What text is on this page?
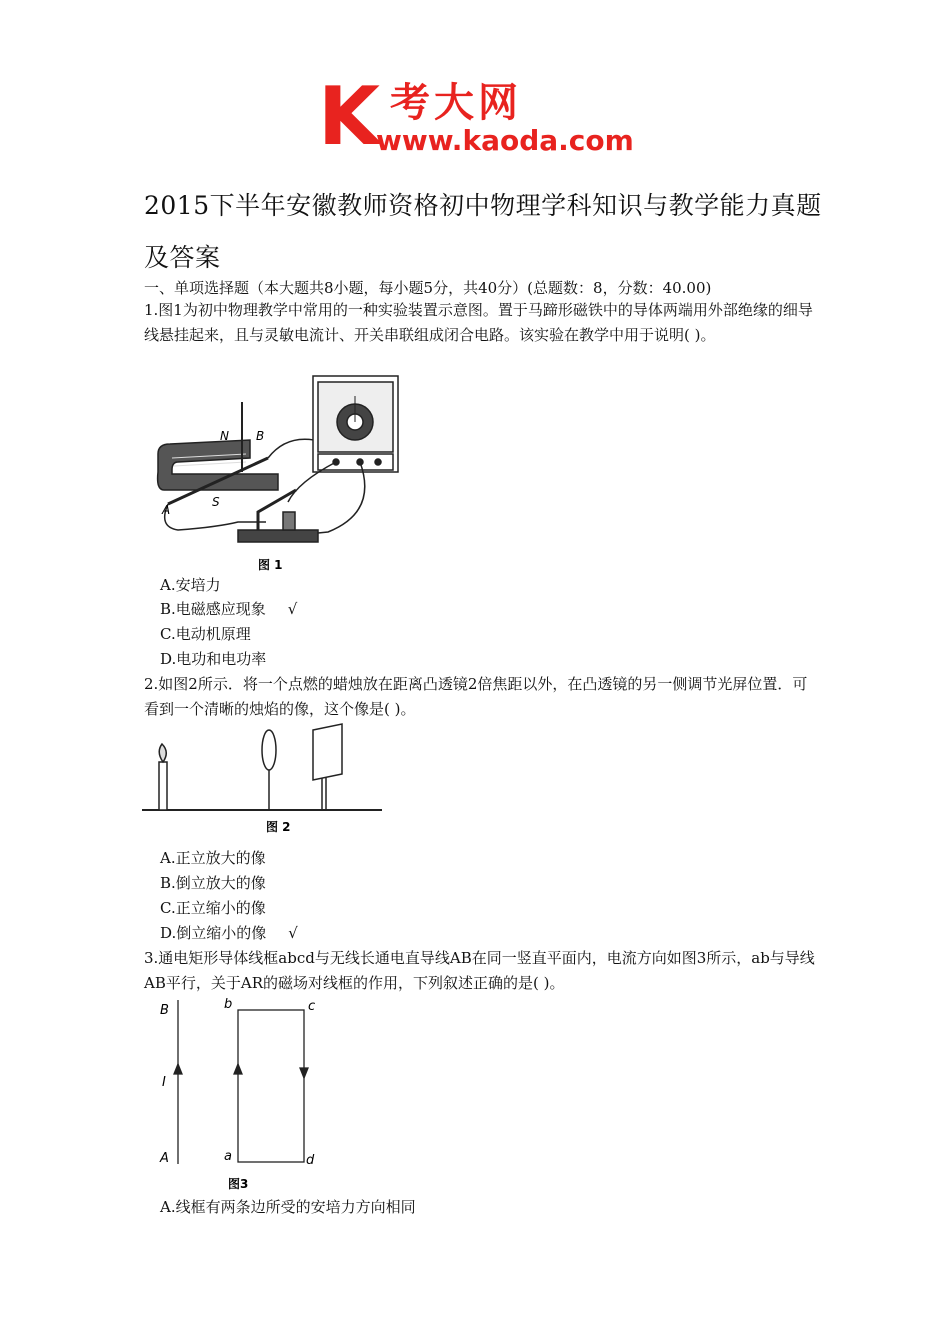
K 考大网
www.kaoda.com
2015下半年安徽教师资格初中物理学科知识与教学能力真题及答案
一、单项选择题（本大题共8小题，每小题5分，共40分）(总题数：8，分数：40.00)
1.图1为初中物理教学中常用的一种实验装置示意图。置于马蹄形磁铁中的导体两端用外部绝缘的细导线悬挂起来，且与灵敏电流计、开关串联组成闭合电路。该实验在教学中用于说明( )。
N B
S
A
图 1
A.安培力
B.电磁感应现象 √
C.电动机原理
D.电功和电功率
2.如图2所示．将一个点燃的蜡烛放在距离凸透镜2倍焦距以外，在凸透镜的另一侧调节光屏位置．可看到一个清晰的烛焰的像，这个像是( )。
图 2
A.正立放大的像
B.倒立放大的像
C.正立缩小的像
D.倒立缩小的像 √
3.通电矩形导体线框abcd与无线长通电直导线AB在同一竖直平面内，电流方向如图3所示，ab与导线AB平行，关于AR的磁场对线框的作用，下列叙述正确的是( )。
B
I
A
b	c
a	d
图3
A.线框有两条边所受的安培力方向相同
